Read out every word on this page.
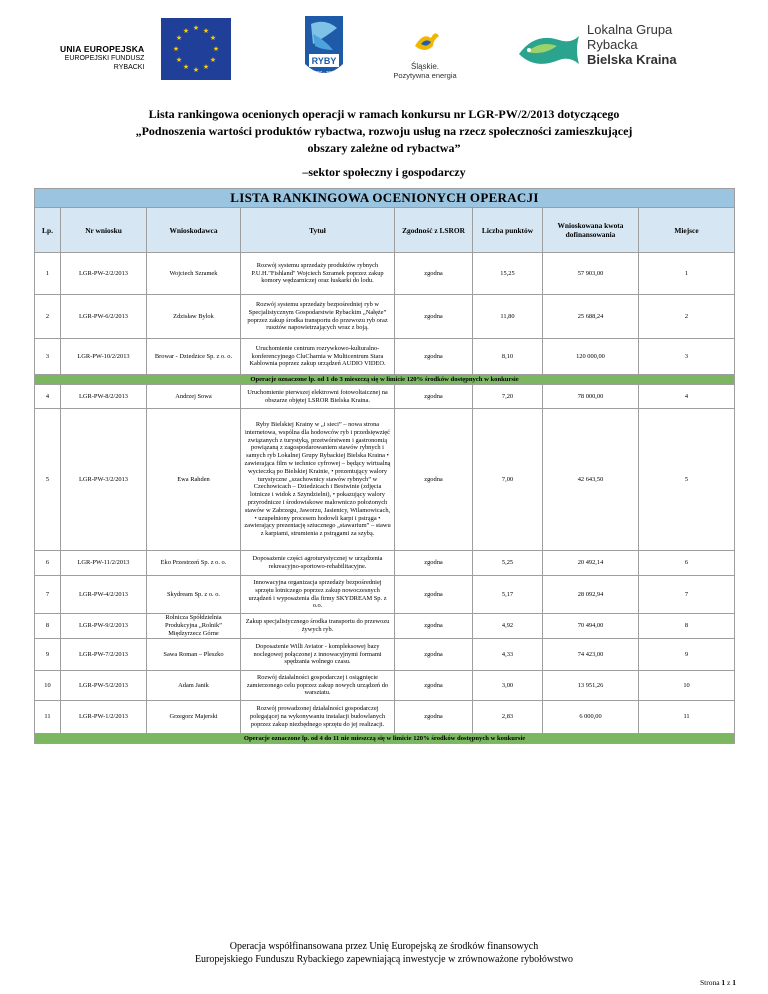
UNIA EUROPEJSKA
EUROPEJSKI FUNDUSZ
RYBACKI
★ ★
★
★
★
★
★
★
★
★
★
★
RYBY
2007 - 2013
Śląskie.
Pozytywna energia
Lokalna Grupa
Rybacka
Bielska Kraina
Lista rankingowa ocenionych operacji w ramach konkursu nr LGR-PW/2/2013 dotyczącego
„Podnoszenia wartości produktów rybactwa, rozwoju usług na rzecz społeczności zamieszkującej
obszary zależne od rybactwa”
–sektor społeczny i gospodarczy
LISTA RANKINGOWA OCENIONYCH OPERACJI							
Lp.	Nr wniosku	Wnioskodawca	Tytuł	Zgodność z LSROR	Liczba punktów	Wnioskowana kwota dofinansowania	Miejsce
1	LGR-PW-2/2/2013	Wojciech Szramek	Rozwój systemu sprzedaży produktów rybnych P.U.H."Fishland" Wojciech Szramek poprzez zakup komory wędzarniczej oraz łuskarki do lodu.	zgodna	15,25	57 903,00	1
2	LGR-PW-6/2/2013	Zdzisław Bylok	Rozwój systemu sprzedaży bezpośredniej ryb w Specjalistycznym Gospodarstwie Rybackim „Nałęże” poprzez zakup środka transportu do przewozu ryb oraz rusztów napowietrzających wraz z boją.	zgodna	11,80	25 688,24	2
3	LGR-PW-10/2/2013	Browar - Dziedzice Sp. z o. o.	Uruchomienie centrum rozrywkowo-kulturalno-konferencyjnego CluCharnia w Multicentrum Stara Kablownia poprzez zakup urządzeń AUDIO VIDEO.	zgodna	8,10	120 000,00	3
Operacje oznaczone lp. od 1 do 3 mieszczą się w limicie 120% środków dostępnych w konkursie							
4	LGR-PW-8/2/2013	Andrzej Sowa	Uruchomienie pierwszej elektrowni fotowoltaicznej na obszarze objętej LSROR Bielska Kraina.	zgodna	7,20	78 000,00	4
5	LGR-PW-3/2/2013	Ewa Rahden	Ryby Bielskiej Krainy w „i sieci” – nowa strona internetowa, wspólna dla hodowców ryb i przedsięwzięć związanych z turystyką, przetwórstwem i gastronomią powiązaną z zagospodarowaniem stawów rybnych i samych ryb Lokalnej Grupy Rybackiej Bielska Kraina • zawierająca film w technice cyfrowej – będący wirtualną wycieczką po Bielskiej Krainie, • prezentujący walory turystyczne „szachownicy stawów rybnych” w Czechowicach – Dziedzicach i Bestwinie (zdjęcia lotnicze i widok z Szyndzielni), • pokazujący walory przyrodnicze i środowiskowe malowniczo położonych stawów w Zabrzegu, Jaworzu, Jasienicy, Wilamowicach, • uzupełniony procesem hodowli karpi i pstrąga • zawierający prezentację sztucznego „stawarium” – stawu z karpiami, strumienia z pstrągami za szybą.	zgodna	7,00	42 643,50	5
6	LGR-PW-11/2/2013	Eko Przestrzeń Sp. z o. o.	Doposażenie części agroturystycznej w urządzenia rekreacyjno-sportowo-rehabilitacyjne.	zgodna	5,25	20 492,14	6
7	LGR-PW-4/2/2013	Skydream Sp. z o. o.	Innowacyjna organizacja sprzedaży bezpośredniej sprzętu lotniczego poprzez zakup nowoczesnych urządzeń i wyposażenia dla firmy SKYDREAM Sp. z o.o.	zgodna	5,17	28 092,94	7
8	LGR-PW-9/2/2013	Rolnicza Spółdzielnia Produkcyjna „Rolnik” Międzyrzecz Górne	Zakup specjalistycznego środka transportu do przewozu żywych ryb.	zgodna	4,92	70 494,00	8
9	LGR-PW-7/2/2013	Sawa Roman – Pleszko	Doposażenie Willi Aviator - kompleksowej bazy noclegowej połączonej z innowacyjnymi formami spędzania wolnego czasu.	zgodna	4,33	74 423,00	9
10	LGR-PW-5/2/2013	Adam Janik	Rozwój działalności gospodarczej i osiągnięcie zamierzonego celu poprzez zakup nowych urządzeń do warsztatu.	zgodna	3,00	13 951,26	10
11	LGR-PW-1/2/2013	Grzegorz Majerski	Rozwój prowadzonej działalności gospodarczej polegającej na wykonywaniu instalacji budowlanych poprzez zakup niezbędnego sprzętu do jej realizacji.	zgodna	2,83	6 000,00	11
Operacje oznaczone lp. od 4 do 11 nie mieszczą się w limicie 120% środków dostępnych w konkursie							
Operacja współfinansowana przez Unię Europejską ze środków finansowych
Europejskiego Funduszu Rybackiego zapewniającą inwestycje w zrównoważone rybołówstwo
Strona 1 z 1
